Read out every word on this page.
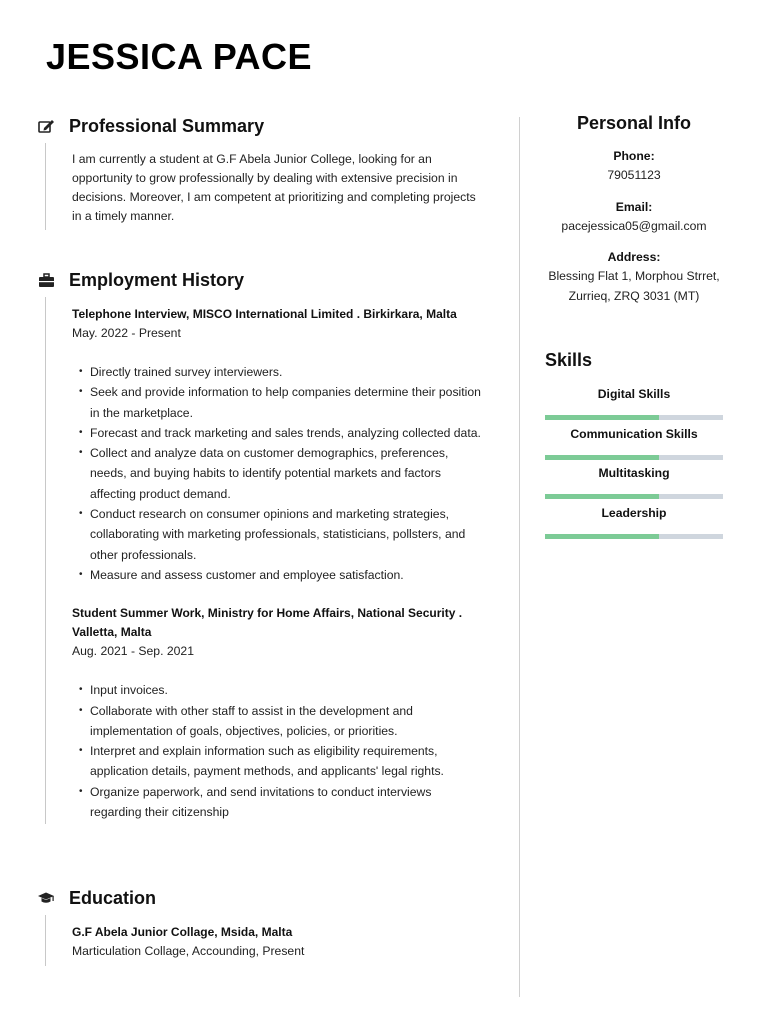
JESSICA PACE
Professional Summary

I am currently a student at G.F Abela Junior College, looking for an opportunity to grow professionally by dealing with extensive precision in decisions. Moreover, I am competent at prioritizing and completing projects in a timely manner.

Employment History
Telephone Interview, MISCO International Limited . Birkirkara, Malta
May. 2022 - Present
• Directly trained survey interviewers.
• Seek and provide information to help companies determine their position in the marketplace.
• Forecast and track marketing and sales trends, analyzing collected data.
• Collect and analyze data on customer demographics, preferences, needs, and buying habits to identify potential markets and factors affecting product demand.
• Conduct research on consumer opinions and marketing strategies, collaborating with marketing professionals, statisticians, pollsters, and other professionals.
• Measure and assess customer and employee satisfaction.
Student Summer Work, Ministry for Home Affairs, National Security . Valletta, Malta
Aug. 2021 - Sep. 2021
• Input invoices.
• Collaborate with other staff to assist in the development and implementation of goals, objectives, policies, or priorities.
• Interpret and explain information such as eligibility requirements, application details, payment methods, and applicants' legal rights.
• Organize paperwork, and send invitations to conduct interviews regarding their citizenship
Education
G.F Abela Junior Collage, Msida, Malta
Marticulation Collage, Accounding, Present
Personal Info
Phone:
79051123
Email:
pacejessica05@gmail.com
Address:
Blessing Flat 1, Morphou Strret, Zurrieq, ZRQ 3031 (MT)
Skills
Digital Skills
Communication Skills
Multitasking
Leadership
